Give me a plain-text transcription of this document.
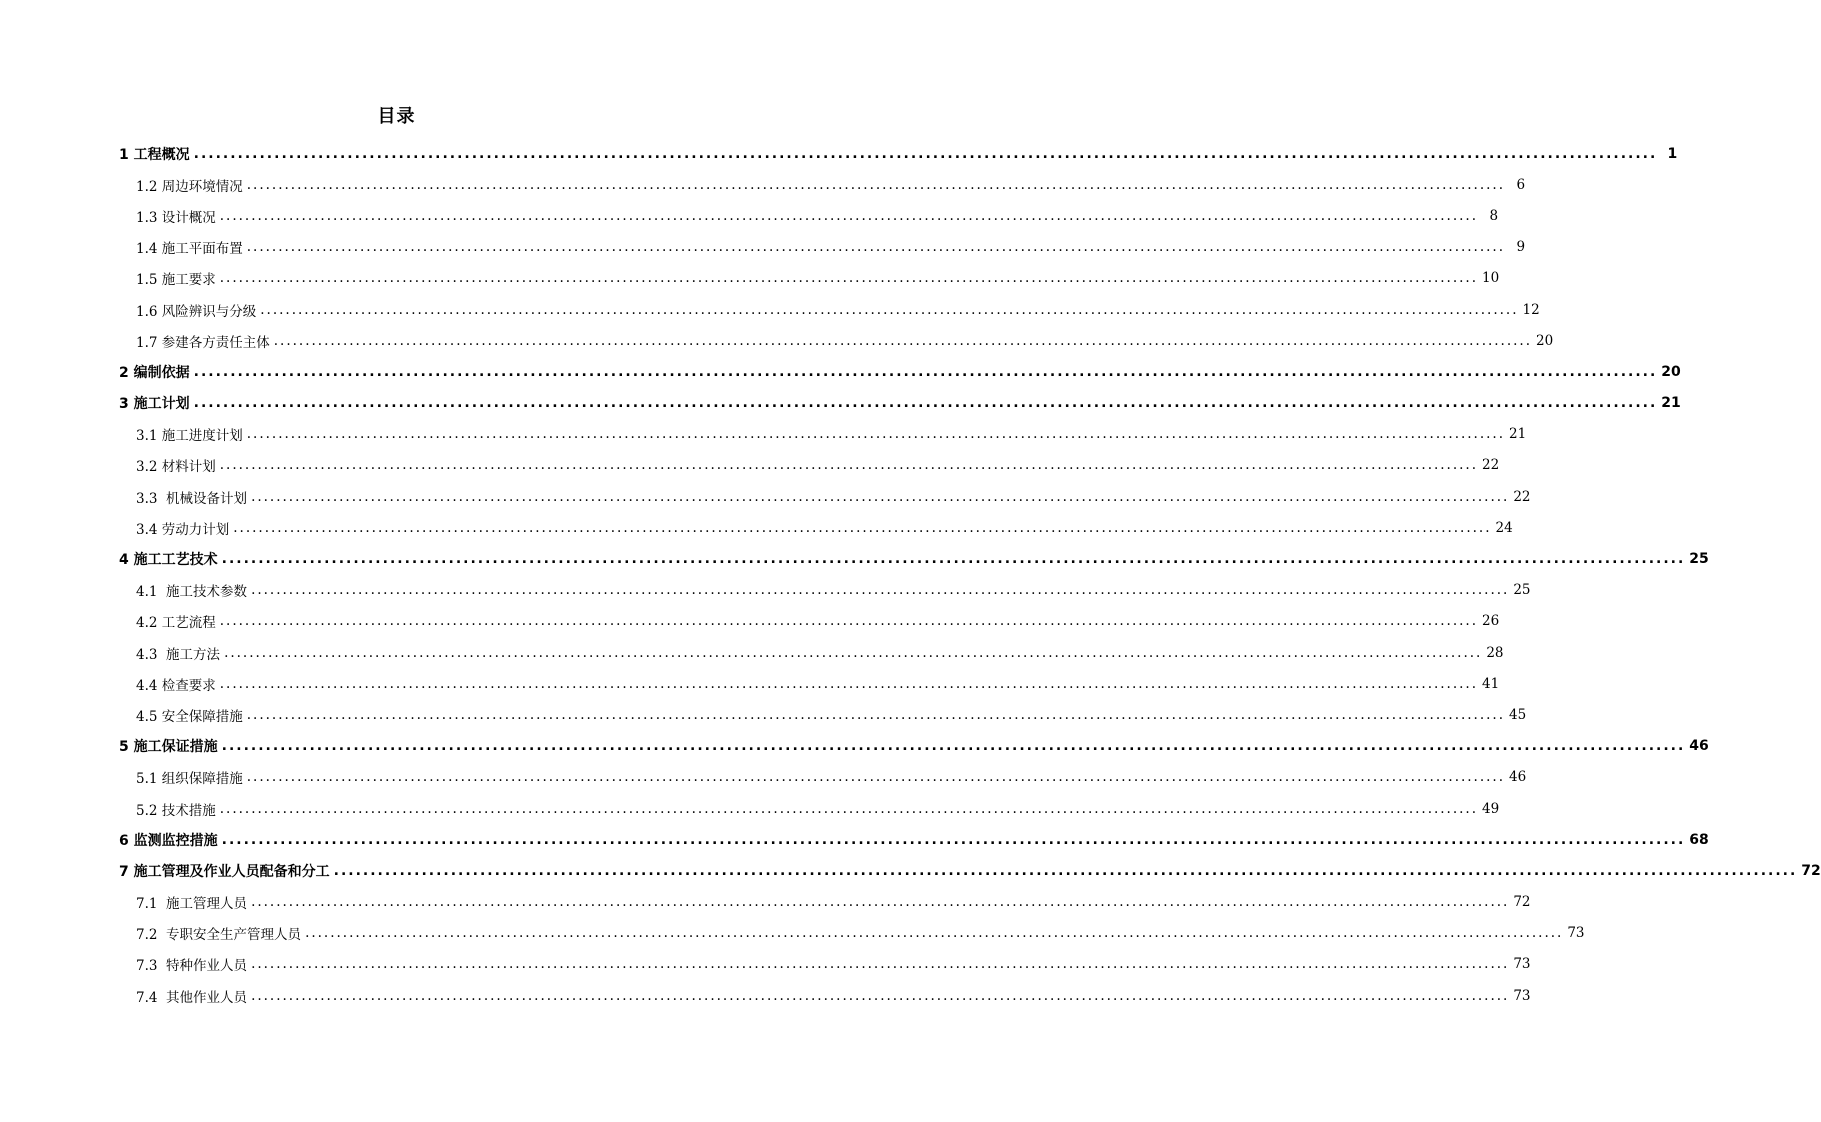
目录
1 工程概况 ........................................................................................................................................................................................................ 1
1.2 周边环境情况 ........................................................................................................................................................................................................ 6
1.3 设计概况 ........................................................................................................................................................................................................ 8
1.4 施工平面布置 ........................................................................................................................................................................................................ 9
1.5 施工要求 ........................................................................................................................................................................................................ 10
1.6 风险辨识与分级 ........................................................................................................................................................................................................ 12
1.7 参建各方责任主体 ........................................................................................................................................................................................................ 20
2 编制依据 ........................................................................................................................................................................................................ 20
3 施工计划 ........................................................................................................................................................................................................ 21
3.1 施工进度计划 ........................................................................................................................................................................................................ 21
3.2 材料计划 ........................................................................................................................................................................................................ 22
3.3  机械设备计划 ........................................................................................................................................................................................................ 22
3.4 劳动力计划 ........................................................................................................................................................................................................ 24
4 施工工艺技术 ........................................................................................................................................................................................................ 25
4.1  施工技术参数 ........................................................................................................................................................................................................ 25
4.2 工艺流程 ........................................................................................................................................................................................................ 26
4.3  施工方法 ........................................................................................................................................................................................................ 28
4.4 检查要求 ........................................................................................................................................................................................................ 41
4.5 安全保障措施 ........................................................................................................................................................................................................ 45
5 施工保证措施 ........................................................................................................................................................................................................ 46
5.1 组织保障措施 ........................................................................................................................................................................................................ 46
5.2 技术措施 ........................................................................................................................................................................................................ 49
6 监测监控措施 ........................................................................................................................................................................................................ 68
7 施工管理及作业人员配备和分工 ........................................................................................................................................................................................................ 72
7.1  施工管理人员 ........................................................................................................................................................................................................ 72
7.2  专职安全生产管理人员 ........................................................................................................................................................................................................ 73
7.3  特种作业人员 ........................................................................................................................................................................................................ 73
7.4  其他作业人员 ........................................................................................................................................................................................................ 73
